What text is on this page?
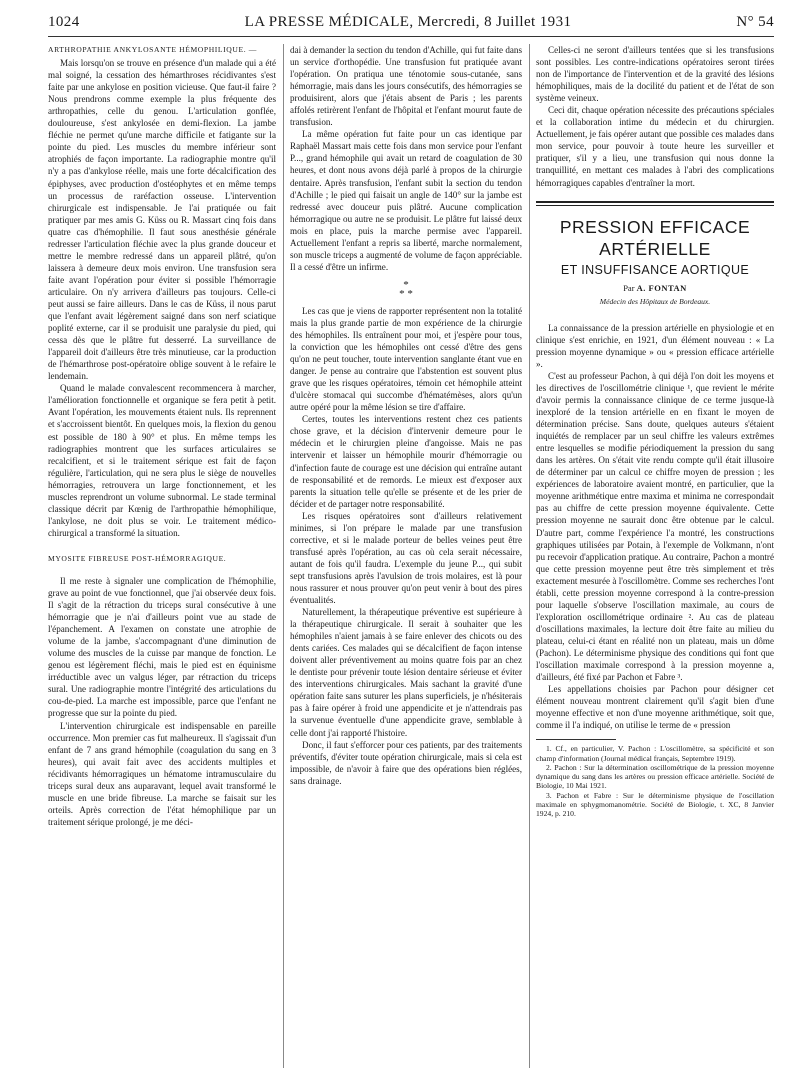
1024	LA PRESSE MÉDICALE, Mercredi, 8 Juillet 1931	N° 54
ARTHROPATHIE ANKYLOSANTE HÉMOPHILIQUE. —

Mais lorsqu'on se trouve en présence d'un malade qui a été mal soigné, la cessation des hémarthroses récidivantes s'est faite par une ankylose en position vicieuse. Que faut-il faire ? Nous prendrons comme exemple la plus fréquente des arthropathies, celle du genou. L'articulation gonflée, douloureuse, s'est ankylosée en demi-flexion. La jambe fléchie ne permet qu'une marche difficile et fatigante sur la pointe du pied. Les muscles du membre inférieur sont atrophiés de façon importante. La radiographie montre qu'il n'y a pas d'ankylose réelle, mais une forte décalcification des épiphyses, avec production d'ostéophytes et en même temps un processus de raréfaction osseuse. L'intervention chirurgicale est indispensable. Je l'ai pratiquée ou fait pratiquer par mes amis G. Küss ou R. Massart cinq fois dans quatre cas d'hémophilie. Il faut sous anesthésie générale redresser l'articulation fléchie avec la plus grande douceur et mettre le membre redressé dans un appareil plâtré, qu'on laissera à demeure deux mois environ. Une transfusion sera faite avant l'opération pour éviter si possible l'hémorragie articulaire. On n'y arrivera d'ailleurs pas toujours. Celle-ci peut aussi se faire ailleurs. Dans le cas de Küss, il nous parut que l'enfant avait légèrement saigné dans son nerf sciatique poplité externe, car il se produisit une paralysie du pied, qui cessa dès que le plâtre fut desserré. La surveillance de l'appareil doit d'ailleurs être très minutieuse, car la production de l'hémarthrose post-opératoire oblige souvent à le refaire le lendemain.

Quand le malade convalescent recommencera à marcher, l'amélioration fonctionnelle et organique se fera petit à petit. Avant l'opération, les mouvements étaient nuls. Ils reprennent et s'accroissent bientôt. En quelques mois, la flexion du genou est possible de 180 à 90° et plus. En même temps les radiographies montrent que les surfaces articulaires se recalcifient, et si le traitement sérique est fait de façon régulière, l'articulation, qui ne sera plus le siège de nouvelles hémorragies, retrouvera un large fonctionnement, et les muscles reprendront un volume subnormal. Le stade terminal classique décrit par Kœnig de l'arthropathie hémophilique, l'ankylose, ne doit plus se voir. Le traitement médico-chirurgical a transformé la situation.

MYOSITE FIBREUSE POST-HÉMORRAGIQUE.

Il me reste à signaler une complication de l'hémophilie, grave au point de vue fonctionnel, que j'ai observée deux fois. Il s'agit de la rétraction du triceps sural consécutive à une hémorragie que je n'ai d'ailleurs point vue au stade de l'épanchement. A l'examen on constate une atrophie de volume de la jambe, s'accompagnant d'une diminution de volume des muscles de la cuisse par manque de fonction. Le genou est légèrement fléchi, mais le pied est en équinisme irréductible avec un valgus léger, par rétraction du triceps sural. Une radiographie montre l'intégrité des articulations du cou-de-pied. La marche est impossible, parce que l'enfant ne progresse que sur la pointe du pied.

L'intervention chirurgicale est indispensable en pareille occurrence. Mon premier cas fut malheureux. Il s'agissait d'un enfant de 7 ans grand hémophile (coagulation du sang en 3 heures), qui avait fait avec des accidents multiples et récidivants hémorragiques un hématome intramusculaire du triceps sural deux ans auparavant, lequel avait transformé le muscle en une bride fibreuse. La marche se faisait sur les orteils. Après correction de l'état hémophilique par un traitement sérique prolongé, je me déci-

dai à demander la section du tendon d'Achille, qui fut faite dans un service d'orthopédie. Une transfusion fut pratiquée avant l'opération. On pratiqua une ténotomie sous-cutanée, sans hémorragie, mais dans les jours consécutifs, des hémorragies se produisirent, alors que j'étais absent de Paris ; les parents affolés retirèrent l'enfant de l'hôpital et l'enfant mourut faute de transfusion.

La même opération fut faite pour un cas identique par Raphaël Massart mais cette fois dans mon service pour l'enfant P..., grand hémophile qui avait un retard de coagulation de 30 heures, et dont nous avons déjà parlé à propos de la chirurgie dentaire. Après transfusion, l'enfant subit la section du tendon d'Achille ; le pied qui faisait un angle de 140° sur la jambe est redressé avec douceur puis plâtré. Aucune complication hémorragique ou autre ne se produisit. Le plâtre fut laissé deux mois en place, puis la marche permise avec l'appareil. Actuellement l'enfant a repris sa liberté, marche normalement, son muscle triceps a augmenté de volume de façon appréciable. Il a cessé d'être un infirme.

*
* *

Les cas que je viens de rapporter représentent non la totalité mais la plus grande partie de mon expérience de la chirurgie des hémophiles. Ils entraînent pour moi, et j'espère pour tous, la conviction que les hémophiles ont cessé d'être des gens qu'on ne peut toucher, toute intervention sanglante étant vue en danger. Je pense au contraire que l'abstention est souvent plus grave que les risques opératoires, témoin cet hémophile atteint d'ulcère stomacal qui succombe d'hématémèses, alors qu'un autre opéré pour la même lésion se tire d'affaire.

Certes, toutes les interventions restent chez ces patients chose grave, et la décision d'intervenir demeure pour le médecin et le chirurgien pleine d'angoisse. Mais ne pas intervenir et laisser un hémophile mourir d'hémorragie ou d'infection faute de courage est une décision qui entraîne autant de responsabilité et de remords. Le mieux est d'exposer aux parents la situation telle qu'elle se présente et de les prier de décider et de partager notre responsabilité.

Les risques opératoires sont d'ailleurs relativement minimes, si l'on prépare le malade par une transfusion corrective, et si le malade porteur de belles veines peut être transfusé après l'opération, au cas où cela serait nécessaire, autant de fois qu'il faudra. L'exemple du jeune P..., qui subit sept transfusions après l'avulsion de trois molaires, est là pour nous rassurer et nous prouver qu'on peut venir à bout des pires éventualités.

Naturellement, la thérapeutique préventive est supérieure à la thérapeutique chirurgicale. Il serait à souhaiter que les hémophiles n'aient jamais à se faire enlever des chicots ou des dents cariées. Ces malades qui se décalcifient de façon intense doivent aller préventivement au moins quatre fois par an chez le dentiste pour prévenir toute lésion dentaire sérieuse et éviter des interventions chirurgicales. Mais sachant la gravité d'une opération faite sans suturer les plans superficiels, je n'hésiterais pas à faire opérer à froid une appendicite et je n'attendrais pas la survenue éventuelle d'une appendicite grave, semblable à celle dont j'ai rapporté l'histoire.

Donc, il faut s'efforcer pour ces patients, par des traitements préventifs, d'éviter toute opération chirurgicale, mais si cela est impossible, de n'avoir à faire que des opérations bien réglées, sans drainage.

Celles-ci ne seront d'ailleurs tentées que si les transfusions sont possibles. Les contre-indications opératoires seront tirées non de l'importance de l'intervention et de la gravité des lésions hémophiliques, mais de la docilité du patient et de l'état de son système veineux.

Ceci dit, chaque opération nécessite des précautions spéciales et la collaboration intime du médecin et du chirurgien. Actuellement, je fais opérer autant que possible ces malades dans mon service, pour pouvoir à toute heure les surveiller et pratiquer, s'il y a lieu, une transfusion qui nous donne la tranquillité, en mettant ces malades à l'abri des complications hémorragiques capables d'entraîner la mort.

PRESSION EFFICACE
ARTÉRIELLE
ET INSUFFISANCE AORTIQUE
Par A. FONTAN
Médecin des Hôpitaux de Bordeaux.

La connaissance de la pression artérielle en physiologie et en clinique s'est enrichie, en 1921, d'un élément nouveau : « La pression moyenne dynamique » ou « pression efficace artérielle ».

C'est au professeur Pachon, à qui déjà l'on doit les moyens et les directives de l'oscillométrie clinique ¹, que revient le mérite d'avoir permis la connaissance clinique de ce terme jusque-là inexploré de la tension artérielle en en fixant le moyen de détermination précise. Sans doute, quelques auteurs s'étaient inquiétés de remplacer par un seul chiffre les valeurs extrêmes entre lesquelles se modifie périodiquement la pression du sang dans les artères. On s'était vite rendu compte qu'il était illusoire de déterminer par un calcul ce chiffre moyen de pression ; les expériences de laboratoire avaient montré, en particulier, que la moyenne arithmétique entre maxima et minima ne correspondait pas au chiffre de cette pression moyenne équivalente. Cette pression moyenne ne saurait donc être obtenue par le calcul. D'autre part, comme l'expérience l'a montré, les constructions graphiques utilisées par Potain, à l'exemple de Volkmann, n'ont pu recevoir d'application pratique. Au contraire, Pachon a montré que cette pression moyenne peut être très simplement et très exactement mesurée à l'oscillomètre. Comme ses recherches l'ont établi, cette pression moyenne correspond à la contre-pression pour laquelle s'observe l'oscillation maximale, au cours de l'exploration oscillométrique ordinaire ². Au cas de plateau d'oscillations maximales, la lecture doit être faite au milieu du plateau, celui-ci étant en réalité non un plateau, mais un dôme (Pachon). Le déterminisme physique des conditions qui font que l'oscillation maximale correspond à la pression moyenne a, d'ailleurs, été fixé par Pachon et Fabre ³.

Les appellations choisies par Pachon pour désigner cet élément nouveau montrent clairement qu'il s'agit bien d'une moyenne effective et non d'une moyenne arithmétique, soit que, comme il l'a indiqué, on utilise le terme de « pression

1. Cf., en particulier, V. Pachon : L'oscillomètre, sa spécificité et son champ d'information (Journal médical français, Septembre 1919).

2. Pachon : Sur la détermination oscillométrique de la pression moyenne dynamique du sang dans les artères ou pression efficace artérielle. Société de Biologie, 10 Mai 1921.

3. Pachon et Fabre : Sur le déterminisme physique de l'oscillation maximale en sphygmomanométrie. Société de Biologie, t. XC, 8 Janvier 1924, p. 210.
